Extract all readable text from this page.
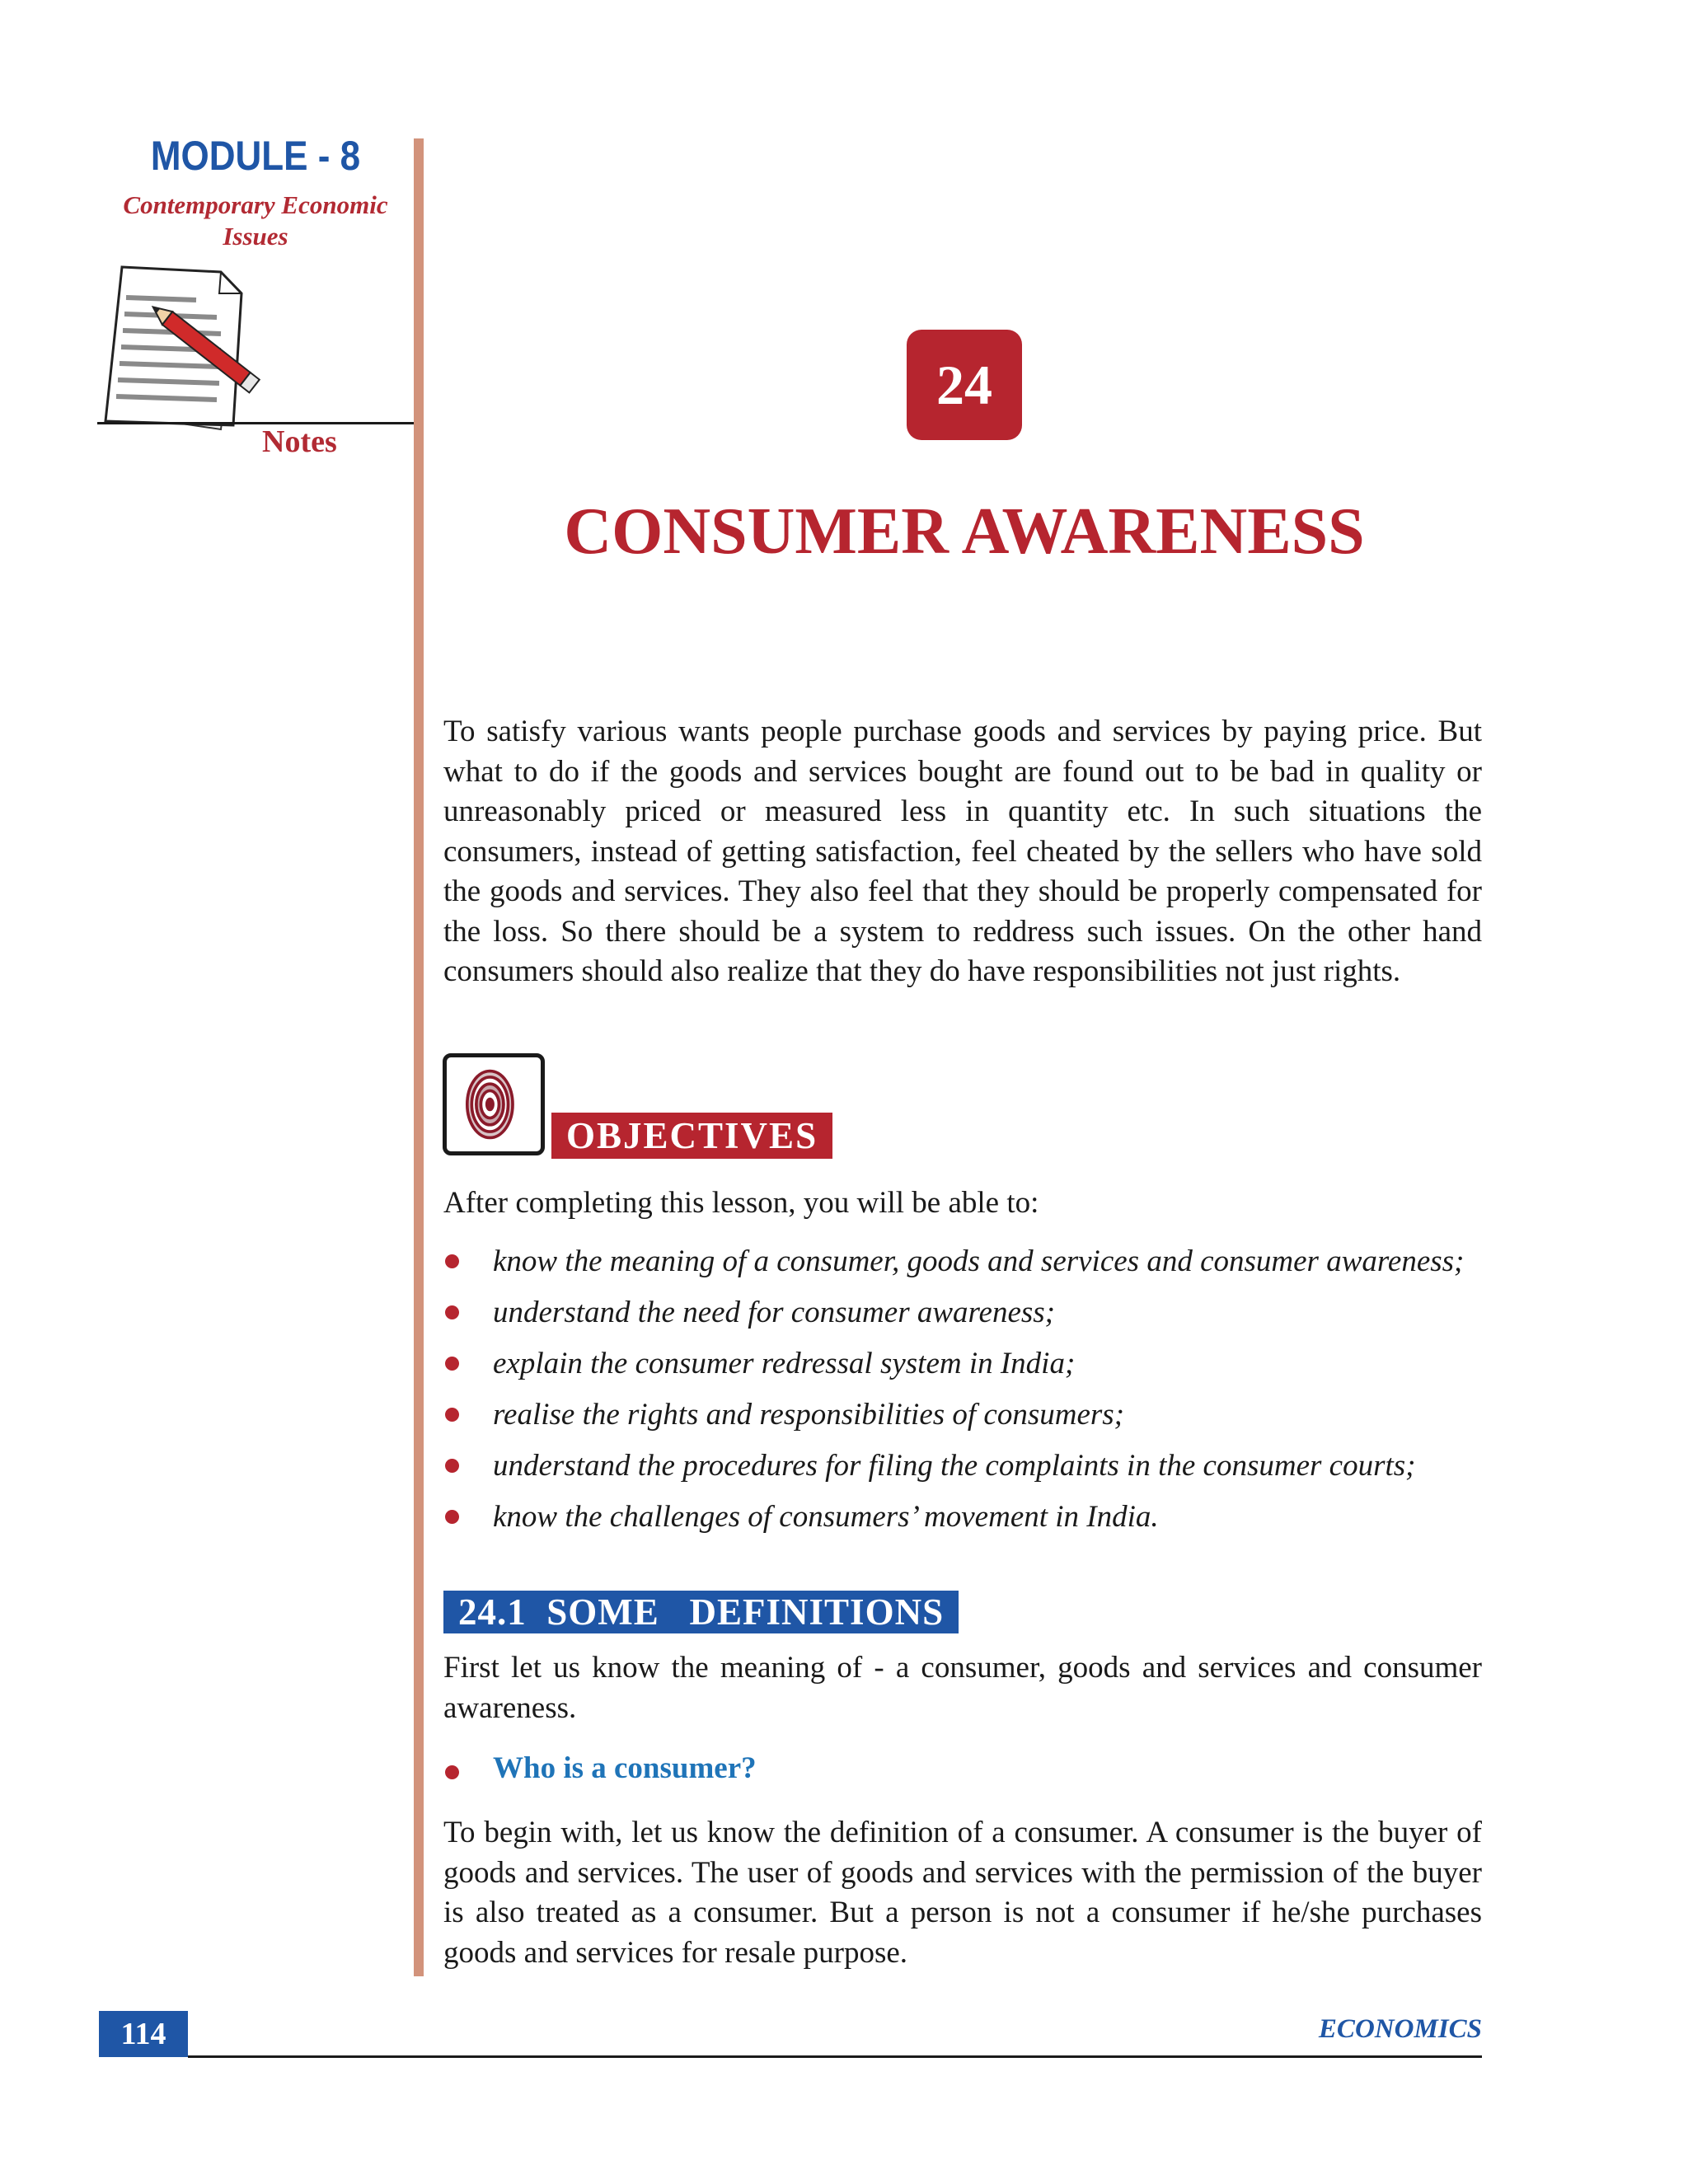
MODULE - 8
Contemporary Economic
Issues
Notes
24
CONSUMER AWARENESS
To satisfy various wants people purchase goods and services by paying price. But what to do if the goods and services bought are found out to be bad in quality or unreasonably priced or measured less in quantity etc. In such situations the consumers, instead of getting satisfaction, feel cheated by the sellers who have sold the goods and services. They also feel that they should be properly compensated for the loss. So there should be a system to reddress such issues. On the other hand consumers should also realize that they do have responsibilities not just rights.
OBJECTIVES
After completing this lesson, you will be able to:
know the meaning of a consumer, goods and services and consumer awareness;
understand the need for consumer awareness;
explain the consumer redressal system in India;
realise the rights and responsibilities of consumers;
understand the procedures for filing the complaints in the consumer courts;
know the challenges of consumers’ movement in India.
24.1  SOME   DEFINITIONS
First let us know the meaning of - a consumer, goods and services and consumer awareness.
Who is a consumer?
To begin with, let us know the definition of a consumer. A consumer is the buyer of goods and services. The user of goods and services with the permission of the buyer is also treated as a consumer. But a person is not a consumer if he/she purchases goods and services for resale purpose.
114	ECONOMICS
